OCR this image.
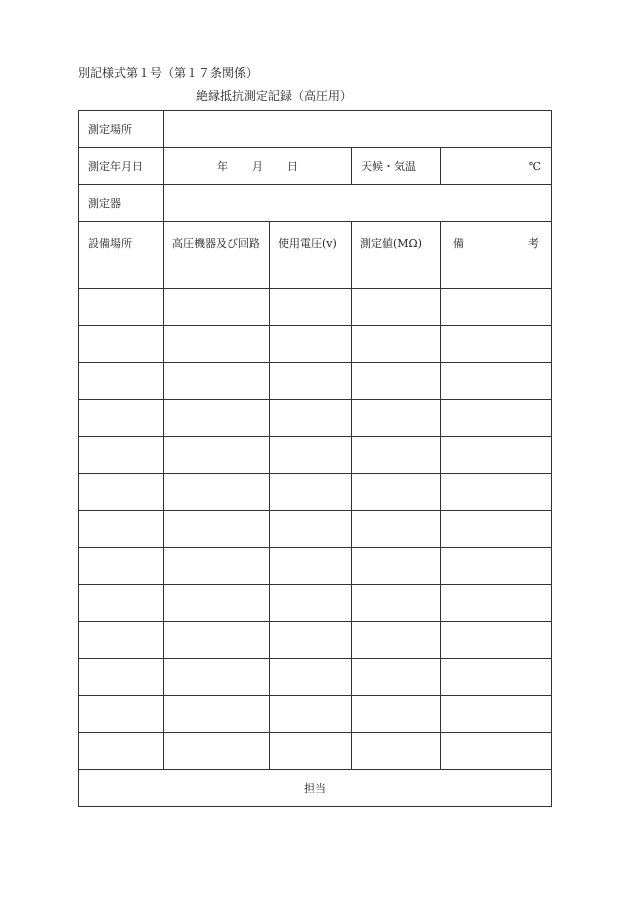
別記様式第１号（第１７条関係）
絶縁抵抗測定記録（高圧用）
測定場所				
測定年月日	年 月 日		天候・気温	℃
測定器				
設備場所	高圧機器及び回路	使用電圧(v)	測定値(MΩ)	備 考

担当				
